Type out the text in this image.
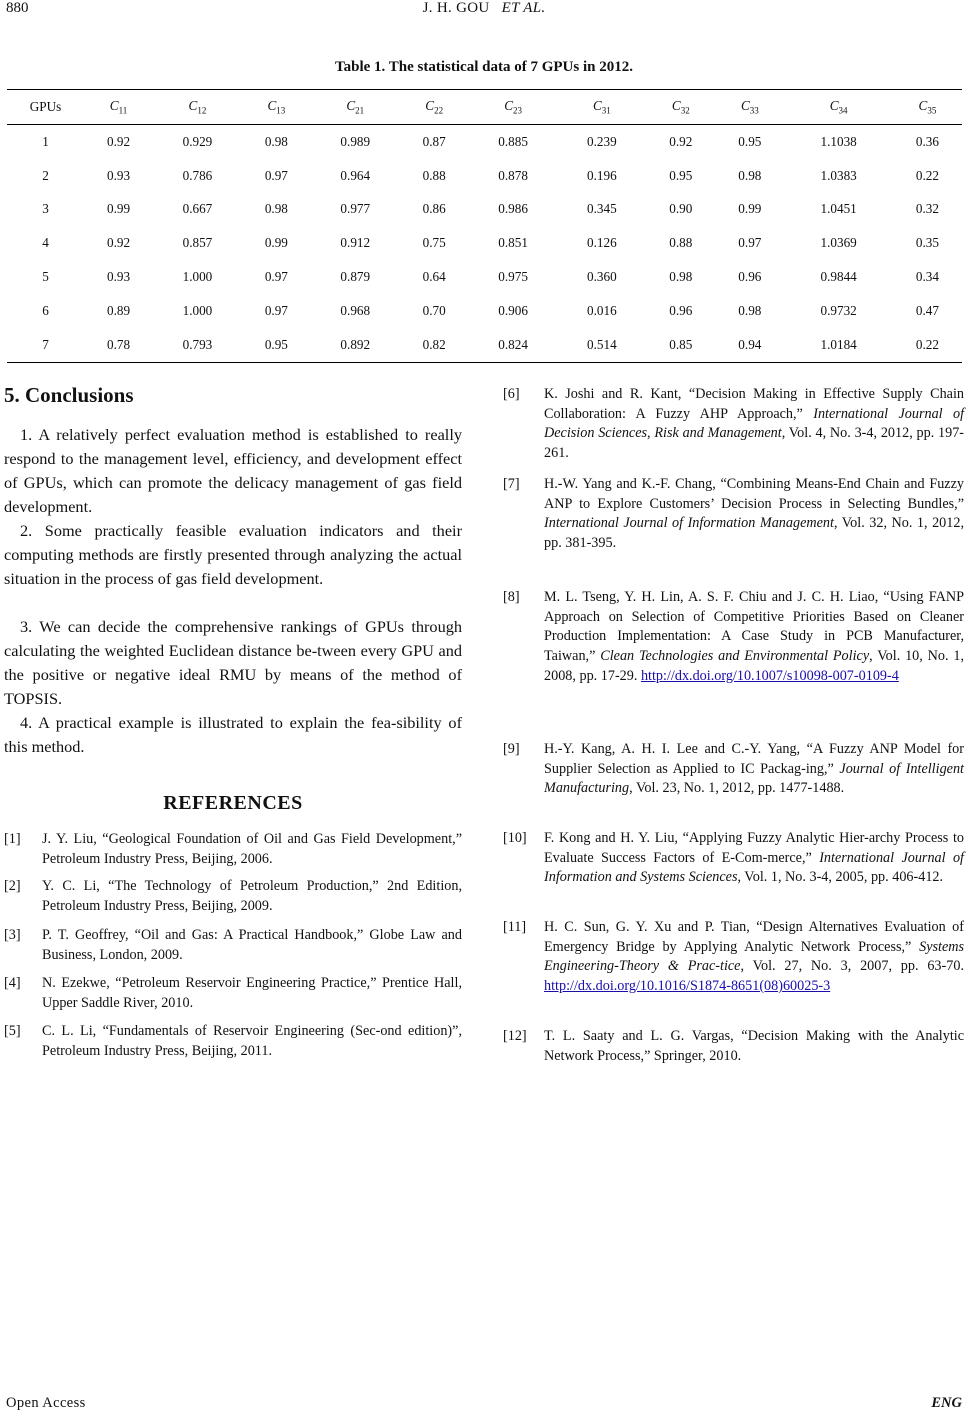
880	J. H. GOU ET AL.
Table 1. The statistical data of 7 GPUs in 2012.
GPUs	$C_{11}$	$C_{12}$	$C_{13}$	$C_{21}$	$C_{22}$	$C_{23}$	$C_{31}$	$C_{32}$	$C_{33}$	$C_{34}$	$C_{35}$
1	0.92	0.929	0.98	0.989	0.87	0.885	0.239	0.92	0.95	1.1038	0.36
2	0.93	0.786	0.97	0.964	0.88	0.878	0.196	0.95	0.98	1.0383	0.22
3	0.99	0.667	0.98	0.977	0.86	0.986	0.345	0.90	0.99	1.0451	0.32
4	0.92	0.857	0.99	0.912	0.75	0.851	0.126	0.88	0.97	1.0369	0.35
5	0.93	1.000	0.97	0.879	0.64	0.975	0.360	0.98	0.96	0.9844	0.34
6	0.89	1.000	0.97	0.968	0.70	0.906	0.016	0.96	0.98	0.9732	0.47
7	0.78	0.793	0.95	0.892	0.82	0.824	0.514	0.85	0.94	1.0184	0.22
5. Conclusions
1. A relatively perfect evaluation method is established to really respond to the management level, efficiency, and development effect of GPUs, which can promote the delicacy management of gas field development.
2. Some practically feasible evaluation indicators and their computing methods are firstly presented through analyzing the actual situation in the process of gas field development.
3. We can decide the comprehensive rankings of GPUs through calculating the weighted Euclidean distance be-tween every GPU and the positive or negative ideal RMU by means of the method of TOPSIS.
4. A practical example is illustrated to explain the fea-sibility of this method.
REFERENCES
[1] J. Y. Liu, “Geological Foundation of Oil and Gas Field Development,” Petroleum Industry Press, Beijing, 2006.
[2] Y. C. Li, “The Technology of Petroleum Production,” 2nd Edition, Petroleum Industry Press, Beijing, 2009.
[3] P. T. Geoffrey, “Oil and Gas: A Practical Handbook,” Globe Law and Business, London, 2009.
[4] N. Ezekwe, “Petroleum Reservoir Engineering Practice,” Prentice Hall, Upper Saddle River, 2010.
[5] C. L. Li, “Fundamentals of Reservoir Engineering (Sec-ond edition)”, Petroleum Industry Press, Beijing, 2011.
[6] K. Joshi and R. Kant, “Decision Making in Effective Supply Chain Collaboration: A Fuzzy AHP Approach,” International Journal of Decision Sciences, Risk and Management, Vol. 4, No. 3-4, 2012, pp. 197-261.
[7] H.-W. Yang and K.-F. Chang, “Combining Means-End Chain and Fuzzy ANP to Explore Customers’ Decision Process in Selecting Bundles,” International Journal of Information Management, Vol. 32, No. 1, 2012, pp. 381-395.
[8] M. L. Tseng, Y. H. Lin, A. S. F. Chiu and J. C. H. Liao, “Using FANP Approach on Selection of Competitive Priorities Based on Cleaner Production Implementation: A Case Study in PCB Manufacturer, Taiwan,” Clean Technologies and Environmental Policy, Vol. 10, No. 1, 2008, pp. 17-29. http://dx.doi.org/10.1007/s10098-007-0109-4
[9] H.-Y. Kang, A. H. I. Lee and C.-Y. Yang, “A Fuzzy ANP Model for Supplier Selection as Applied to IC Packag-ing,” Journal of Intelligent Manufacturing, Vol. 23, No. 1, 2012, pp. 1477-1488.
[10] F. Kong and H. Y. Liu, “Applying Fuzzy Analytic Hier-archy Process to Evaluate Success Factors of E-Com-merce,” International Journal of Information and Systems Sciences, Vol. 1, No. 3-4, 2005, pp. 406-412.
[11] H. C. Sun, G. Y. Xu and P. Tian, “Design Alternatives Evaluation of Emergency Bridge by Applying Analytic Network Process,” Systems Engineering-Theory & Prac-tice, Vol. 27, No. 3, 2007, pp. 63-70. http://dx.doi.org/10.1016/S1874-8651(08)60025-3
[12] T. L. Saaty and L. G. Vargas, “Decision Making with the Analytic Network Process,” Springer, 2010.
Open Access	ENG
